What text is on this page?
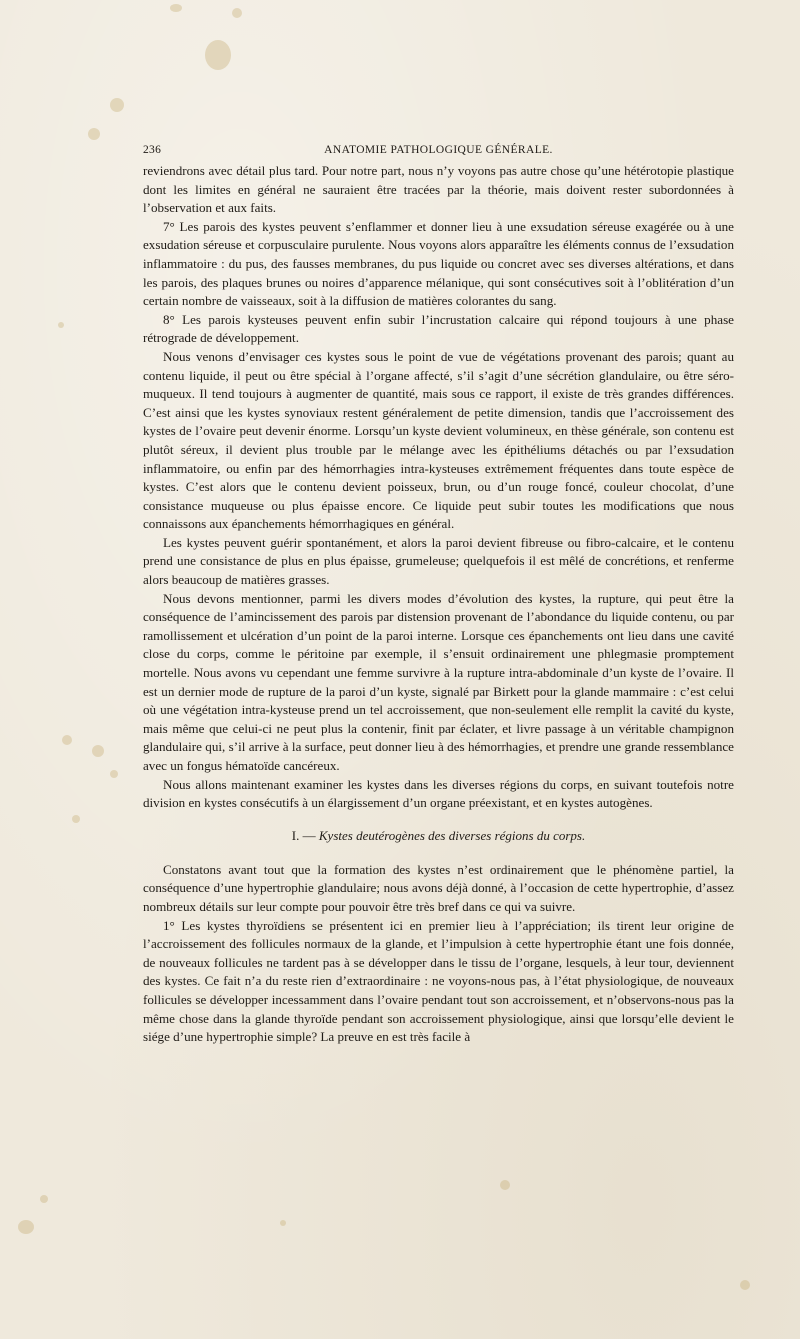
236	ANATOMIE PATHOLOGIQUE GÉNÉRALE.

reviendrons avec détail plus tard. Pour notre part, nous n’y voyons pas autre chose qu’une hétérotopie plastique dont les limites en général ne sauraient être tracées par la théorie, mais doivent rester subordonnées à l’observation et aux faits.

7° Les parois des kystes peuvent s’enflammer et donner lieu à une exsudation séreuse exagérée ou à une exsudation séreuse et corpusculaire purulente. Nous voyons alors apparaître les éléments connus de l’exsudation inflammatoire : du pus, des fausses membranes, du pus liquide ou concret avec ses diverses altérations, et dans les parois, des plaques brunes ou noires d’apparence mélanique, qui sont consécutives soit à l’oblitération d’un certain nombre de vaisseaux, soit à la diffusion de matières colorantes du sang.

8° Les parois kysteuses peuvent enfin subir l’incrustation calcaire qui répond toujours à une phase rétrograde de développement.

Nous venons d’envisager ces kystes sous le point de vue de végétations provenant des parois; quant au contenu liquide, il peut ou être spécial à l’organe affecté, s’il s’agit d’une sécrétion glandulaire, ou être séro-muqueux. Il tend toujours à augmenter de quantité, mais sous ce rapport, il existe de très grandes différences. C’est ainsi que les kystes synoviaux restent généralement de petite dimension, tandis que l’accroissement des kystes de l’ovaire peut devenir énorme. Lorsqu’un kyste devient volumineux, en thèse générale, son contenu est plutôt séreux, il devient plus trouble par le mélange avec les épithéliums détachés ou par l’exsudation inflammatoire, ou enfin par des hémorrhagies intra-kysteuses extrêmement fréquentes dans toute espèce de kystes. C’est alors que le contenu devient poisseux, brun, ou d’un rouge foncé, couleur chocolat, d’une consistance muqueuse ou plus épaisse encore. Ce liquide peut subir toutes les modifications que nous connaissons aux épanchements hémorrhagiques en général.

Les kystes peuvent guérir spontanément, et alors la paroi devient fibreuse ou fibro-calcaire, et le contenu prend une consistance de plus en plus épaisse, grumeleuse; quelquefois il est mêlé de concrétions, et renferme alors beaucoup de matières grasses.

Nous devons mentionner, parmi les divers modes d’évolution des kystes, la rupture, qui peut être la conséquence de l’amincissement des parois par distension provenant de l’abondance du liquide contenu, ou par ramollissement et ulcération d’un point de la paroi interne. Lorsque ces épanchements ont lieu dans une cavité close du corps, comme le péritoine par exemple, il s’ensuit ordinairement une phlegmasie promptement mortelle. Nous avons vu cependant une femme survivre à la rupture intra-abdominale d’un kyste de l’ovaire. Il est un dernier mode de rupture de la paroi d’un kyste, signalé par Birkett pour la glande mammaire : c’est celui où une végétation intra-kysteuse prend un tel accroissement, que non-seulement elle remplit la cavité du kyste, mais même que celui-ci ne peut plus la contenir, finit par éclater, et livre passage à un véritable champignon glandulaire qui, s’il arrive à la surface, peut donner lieu à des hémorrhagies, et prendre une grande ressemblance avec un fongus hématoïde cancéreux.

Nous allons maintenant examiner les kystes dans les diverses régions du corps, en suivant toutefois notre division en kystes consécutifs à un élargissement d’un organe préexistant, et en kystes autogènes.

I. — Kystes deutérogènes des diverses régions du corps.

Constatons avant tout que la formation des kystes n’est ordinairement que le phénomène partiel, la conséquence d’une hypertrophie glandulaire; nous avons déjà donné, à l’occasion de cette hypertrophie, d’assez nombreux détails sur leur compte pour pouvoir être très bref dans ce qui va suivre.

1° Les kystes thyroïdiens se présentent ici en premier lieu à l’appréciation; ils tirent leur origine de l’accroissement des follicules normaux de la glande, et l’impulsion à cette hypertrophie étant une fois donnée, de nouveaux follicules ne tardent pas à se développer dans le tissu de l’organe, lesquels, à leur tour, deviennent des kystes. Ce fait n’a du reste rien d’extraordinaire : ne voyons-nous pas, à l’état physiologique, de nouveaux follicules se développer incessamment dans l’ovaire pendant tout son accroissement, et n’observons-nous pas la même chose dans la glande thyroïde pendant son accroissement physiologique, ainsi que lorsqu’elle devient le siége d’une hypertrophie simple? La preuve en est très facile à
